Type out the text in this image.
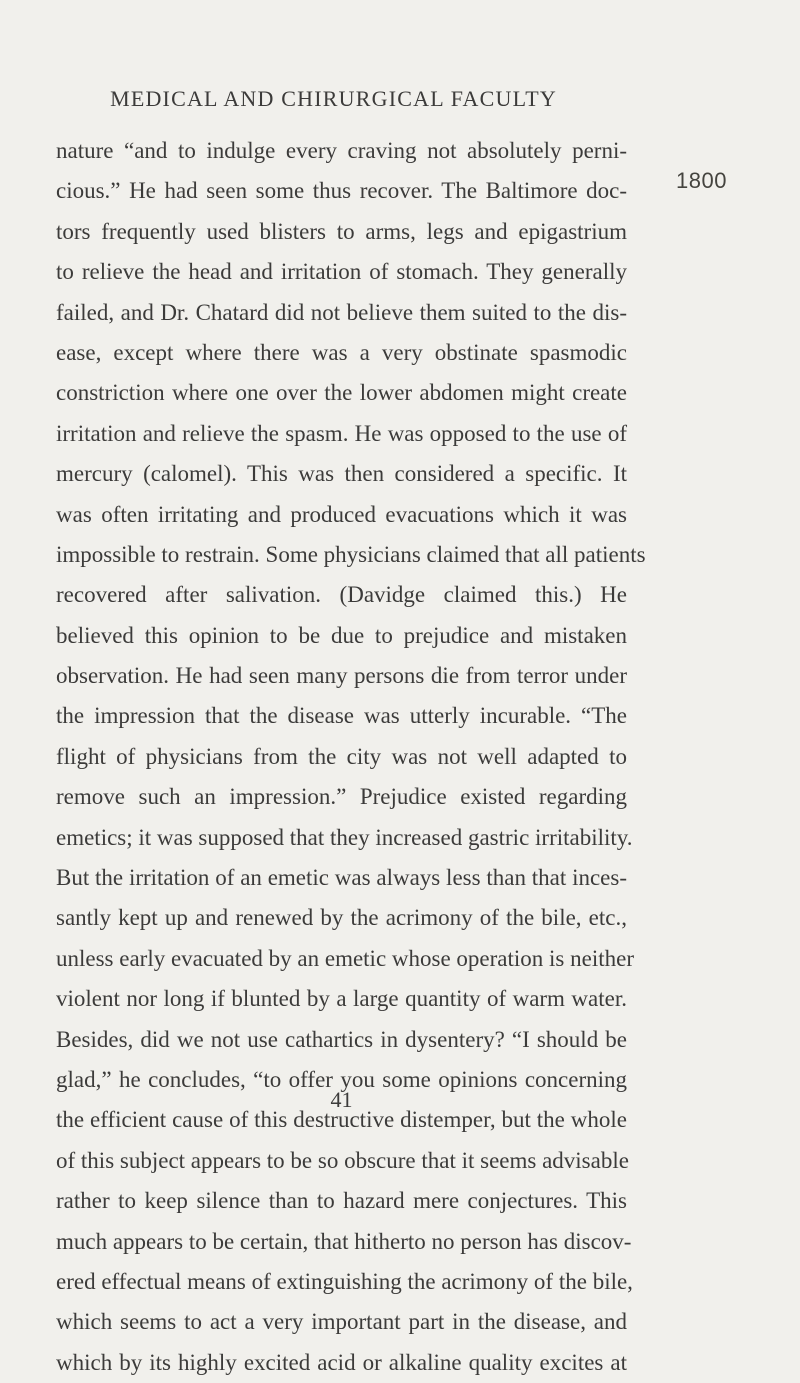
MEDICAL AND CHIRURGICAL FACULTY
1800
nature “and to indulge every craving not absolutely perni-
cious.” He had seen some thus recover. The Baltimore doc-
tors frequently used blisters to arms, legs and epigastrium
to relieve the head and irritation of stomach. They generally
failed, and Dr. Chatard did not believe them suited to the dis-
ease, except where there was a very obstinate spasmodic
constriction where one over the lower abdomen might create
irritation and relieve the spasm. He was opposed to the use of
mercury (calomel). This was then considered a specific. It
was often irritating and produced evacuations which it was
impossible to restrain. Some physicians claimed that all patients
recovered after salivation. (Davidge claimed this.) He
believed this opinion to be due to prejudice and mistaken
observation. He had seen many persons die from terror under
the impression that the disease was utterly incurable. “The
flight of physicians from the city was not well adapted to
remove such an impression.” Prejudice existed regarding
emetics; it was supposed that they increased gastric irritability.
But the irritation of an emetic was always less than that inces-
santly kept up and renewed by the acrimony of the bile, etc.,
unless early evacuated by an emetic whose operation is neither
violent nor long if blunted by a large quantity of warm water.
Besides, did we not use cathartics in dysentery? “I should be
glad,” he concludes, “to offer you some opinions concerning
the efficient cause of this destructive distemper, but the whole
of this subject appears to be so obscure that it seems advisable
rather to keep silence than to hazard mere conjectures. This
much appears to be certain, that hitherto no person has discov-
ered effectual means of extinguishing the acrimony of the bile,
which seems to act a very important part in the disease, and
which by its highly excited acid or alkaline quality excites at
41
